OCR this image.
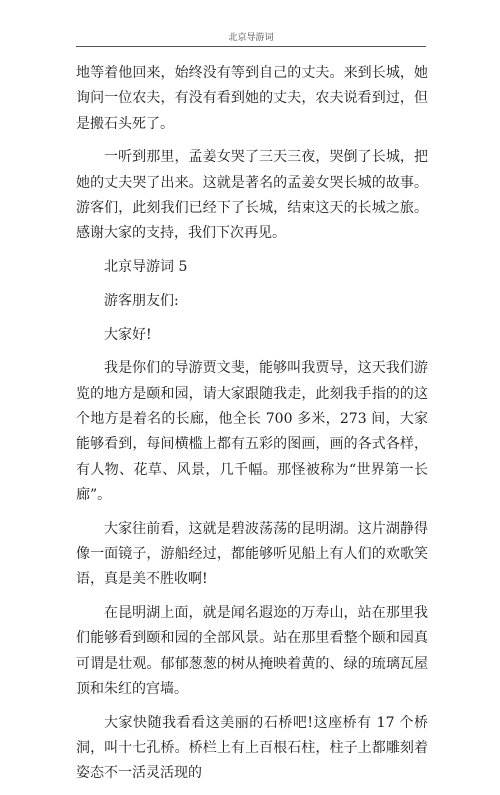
北京导游词

地等着他回来，始终没有等到自己的丈夫。来到长城，她询问一位农夫，有没有看到她的丈夫，农夫说看到过，但是搬石头死了。

一听到那里，孟姜女哭了三天三夜，哭倒了长城，把她的丈夫哭了出来。这就是著名的孟姜女哭长城的故事。游客们，此刻我们已经下了长城，结束这天的长城之旅。感谢大家的支持，我们下次再见。

北京导游词 5

游客朋友们:

大家好!

我是你们的导游贾文斐，能够叫我贾导，这天我们游览的地方是颐和园，请大家跟随我走，此刻我手指的的这个地方是着名的长廊，他全长 700 多米，273 间，大家能够看到，每间横槛上都有五彩的图画，画的各式各样，有人物、花草、风景，几千幅。那怪被称为“世界第一长廊”。

大家往前看，这就是碧波荡荡的昆明湖。这片湖静得像一面镜子，游船经过，都能够听见船上有人们的欢歌笑语，真是美不胜收啊!

在昆明湖上面，就是闻名遐迩的万寿山，站在那里我们能够看到颐和园的全部风景。站在那里看整个颐和园真可谓是壮观。郁郁葱葱的树从掩映着黄的、绿的琉璃瓦屋顶和朱红的宫墙。

大家快随我看看这美丽的石桥吧!这座桥有 17 个桥洞，叫十七孔桥。桥栏上有上百根石柱，柱子上都雕刻着姿态不一活灵活现的
